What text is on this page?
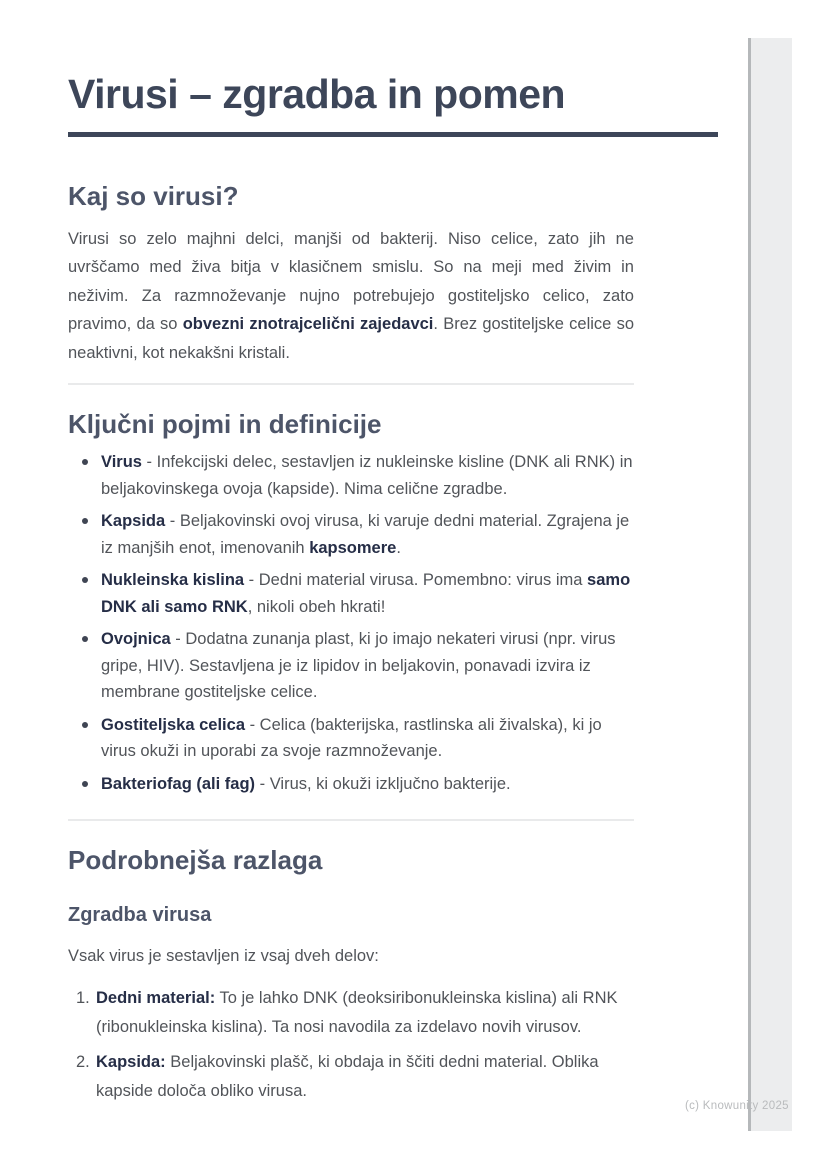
Virusi – zgradba in pomen
Kaj so virusi?

Virusi so zelo majhni delci, manjši od bakterij. Niso celice, zato jih ne uvrščamo med živa bitja v klasičnem smislu. So na meji med živim in neživim. Za razmnoževanje nujno potrebujejo gostiteljsko celico, zato pravimo, da so obvezni znotrajcelični zajedavci. Brez gostiteljske celice so neaktivni, kot nekakšni kristali.

Ključni pojmi in definicije
Virus - Infekcijski delec, sestavljen iz nukleinske kisline (DNK ali RNK) in beljakovinskega ovoja (kapside). Nima celične zgradbe.
Kapsida - Beljakovinski ovoj virusa, ki varuje dedni material. Zgrajena je iz manjših enot, imenovanih kapsomere.
Nukleinska kislina - Dedni material virusa. Pomembno: virus ima samo DNK ali samo RNK, nikoli obeh hkrati!
Ovojnica - Dodatna zunanja plast, ki jo imajo nekateri virusi (npr. virus gripe, HIV). Sestavljena je iz lipidov in beljakovin, ponavadi izvira iz membrane gostiteljske celice.
Gostiteljska celica - Celica (bakterijska, rastlinska ali živalska), ki jo virus okuži in uporabi za svoje razmnoževanje.
Bakteriofag (ali fag) - Virus, ki okuži izključno bakterije.
Podrobnejša razlaga
Zgradba virusa

Vsak virus je sestavljen iz vsaj dveh delov:

1. Dedni material: To je lahko DNK (deoksiribonukleinska kislina) ali RNK (ribonukleinska kislina). Ta nosi navodila za izdelavo novih virusov.
2. Kapsida: Beljakovinski plašč, ki obdaja in ščiti dedni material. Oblika kapside določa obliko virusa.
(c) Knowunity 2025
